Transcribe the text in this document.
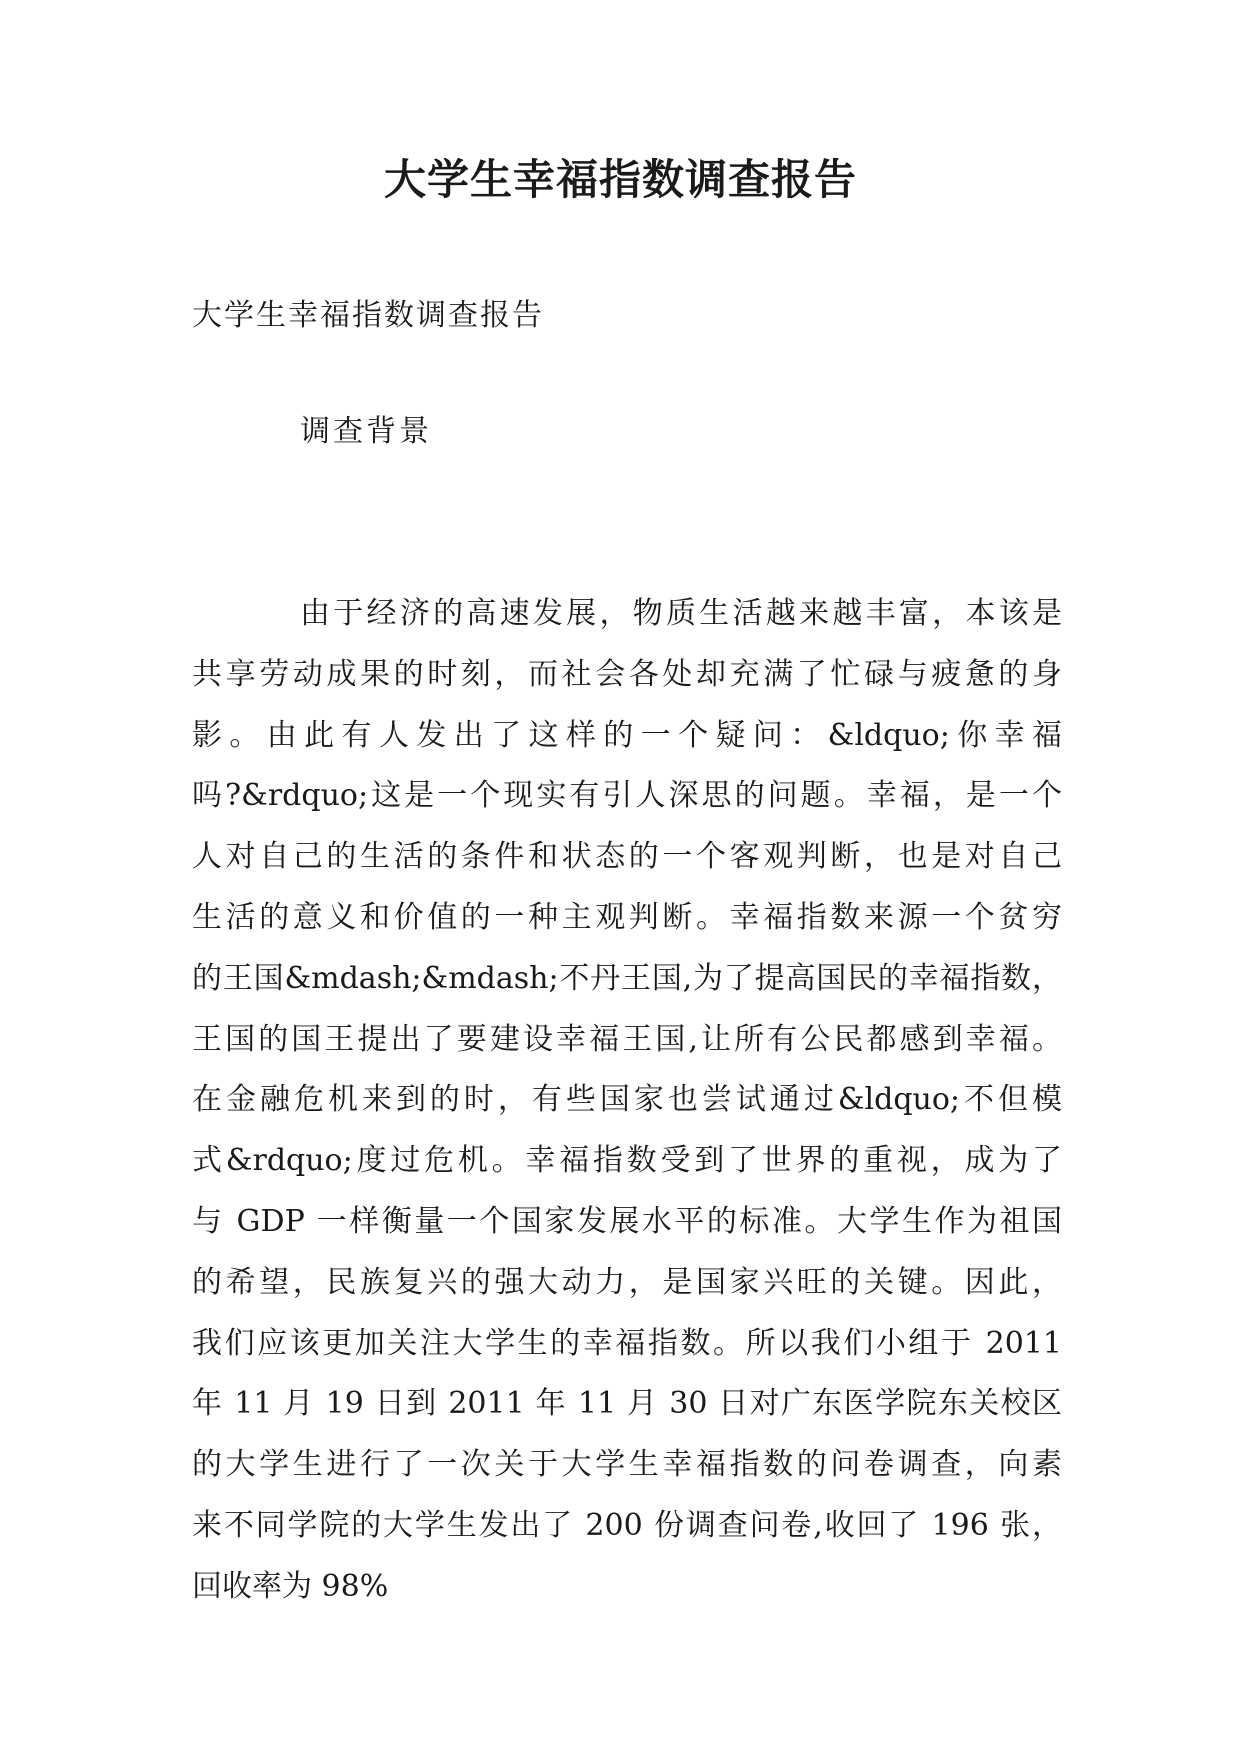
大学生幸福指数调查报告

大学生幸福指数调查报告

调查背景

由于经济的高速发展，物质生活越来越丰富，本该是
共享劳动成果的时刻，而社会各处却充满了忙碌与疲惫的身
影。由此有人发出了这样的一个疑问：&ldquo;你幸福
吗?&rdquo;这是一个现实有引人深思的问题。幸福，是一个
人对自己的生活的条件和状态的一个客观判断，也是对自己
生活的意义和价值的一种主观判断。幸福指数来源一个贫穷
的王国&mdash;&mdash;不丹王国,为了提高国民的幸福指数，
王国的国王提出了要建设幸福王国,让所有公民都感到幸福。
在金融危机来到的时，有些国家也尝试通过&ldquo;不但模
式&rdquo;度过危机。幸福指数受到了世界的重视，成为了
与 GDP 一样衡量一个国家发展水平的标准。大学生作为祖国
的希望，民族复兴的强大动力，是国家兴旺的关键。因此，
我们应该更加关注大学生的幸福指数。所以我们小组于 2011
年 11 月 19 日到 2011 年 11 月 30 日对广东医学院东关校区
的大学生进行了一次关于大学生幸福指数的问卷调查，向素
来不同学院的大学生发出了 200 份调查问卷,收回了 196 张，
回收率为 98%
